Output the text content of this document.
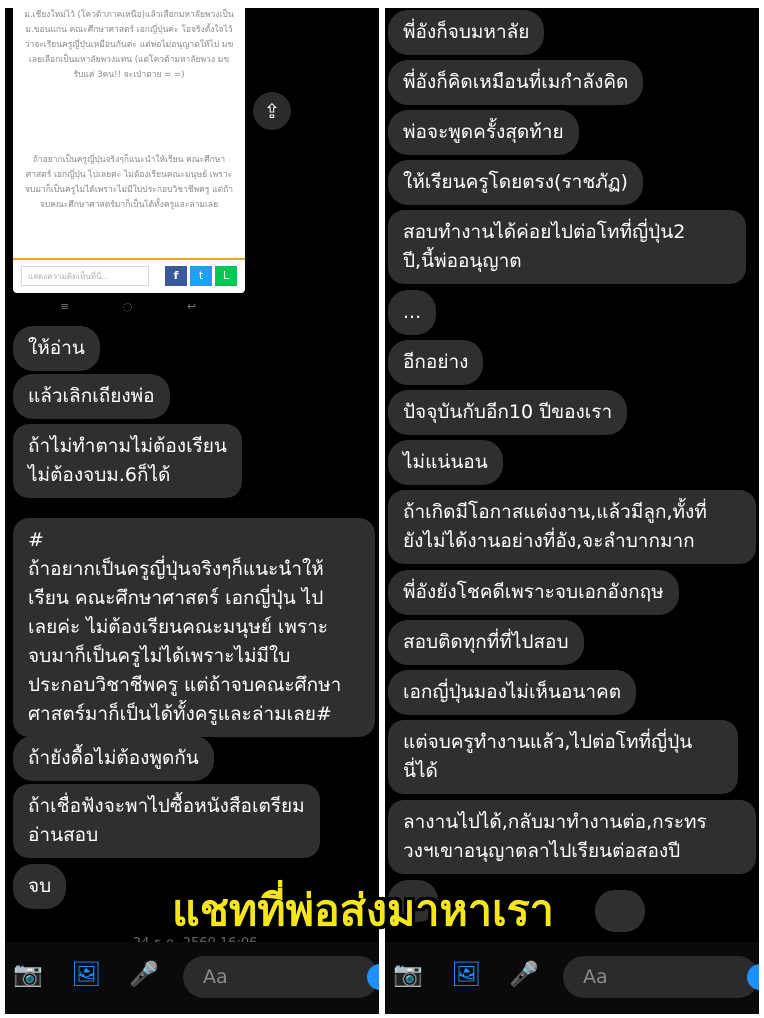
ม.เชียงใหม่ไว้ (โควต้าภาคเหนือ)แล้วเลือกมหาลัยพวงเป็น ม.ขอนแก่น คณะศึกษาศาสตร์ เอกญี่ปุ่นค่ะ โอจริงตั้งใจไว้ว่าจะเรียนครูญี่ปุ่นเหมือนกันค่ะ แต่พ่อไม่อนุญาตให้ไป มข เลยเลือกเป็นมหาลัยพวงแทน (แต่โควต้ามหาลัยพวง มข รับแค่ 3คน!! จะเป่าตาย = =)
ถ้าอยากเป็นครูญี่ปุ่นจริงๆก็แนะนำให้เรียน คณะศึกษาศาสตร์ เอกญี่ปุ่น ไปเลยค่ะ ไม่ต้องเรียนคณะมนุษย์ เพราะจบมาก็เป็นครูไม่ได้เพราะไม่มีใบประกอบวิชาชีพครู แต่ถ้าจบคณะศึกษาศาสตร์มาก็เป็นได้ทั้งครูและล่ามเลย
แสดงความคิดเห็นที่นี่...	f	t	L
≡	◌	↩
⇪
ให้อ่าน
แล้วเลิกเถียงพ่อ
ถ้าไม่ทำตามไม่ต้องเรียน
ไม่ต้องจบม.6ก็ได้
#
ถ้าอยากเป็นครูญี่ปุ่นจริงๆก็แนะนำให้
เรียน คณะศึกษาศาสตร์ เอกญี่ปุ่น ไป
เลยค่ะ ไม่ต้องเรียนคณะมนุษย์ เพราะ
จบมาก็เป็นครูไม่ได้เพราะไม่มีใบ
ประกอบวิชาชีพครู แต่ถ้าจบคณะศึกษา
ศาสตร์มาก็เป็นได้ทั้งครูและล่ามเลย#
ถ้ายังดื้อไม่ต้องพูดกัน
ถ้าเชื่อฟังจะพาไปซื้อหนังสือเตรียม
อ่านสอบ
จบ
📷 🖼 🎤	Aa
พี่อังก็จบมหาลัย
พี่อังก็คิดเหมือนที่เมกำลังคิด
พ่อจะพูดครั้งสุดท้าย
ให้เรียนครูโดยตรง(ราชภัฏ)
สอบทำงานได้ค่อยไปต่อโทที่ญี่ปุ่น2
ปี,นี้พ่ออนุญาต
...
อีกอย่าง
ปัจจุบันกับอีก10 ปีของเรา
ไม่แน่นอน
ถ้าเกิดมีโอกาสแต่งงาน,แล้วมีลูก,ทั้งที่
ยังไม่ได้งานอย่างที่อัง,จะลำบากมาก
พี่อังยังโชคดีเพราะจบเอกอังกฤษ
สอบติดทุกที่ที่ไปสอบ
เอกญี่ปุ่นมองไม่เห็นอนาคต
แต่จบครูทำงานแล้ว,ไปต่อโทที่ญี่ปุ่น
นี่ได้
ลางานไปได้,กลับมาทำงานต่อ,กระทร
วงฯเขาอนุญาตลาไปเรียนต่อสองปี
📷 🖼 🎤	Aa
แชทที่พ่อส่งมาหาเรา
